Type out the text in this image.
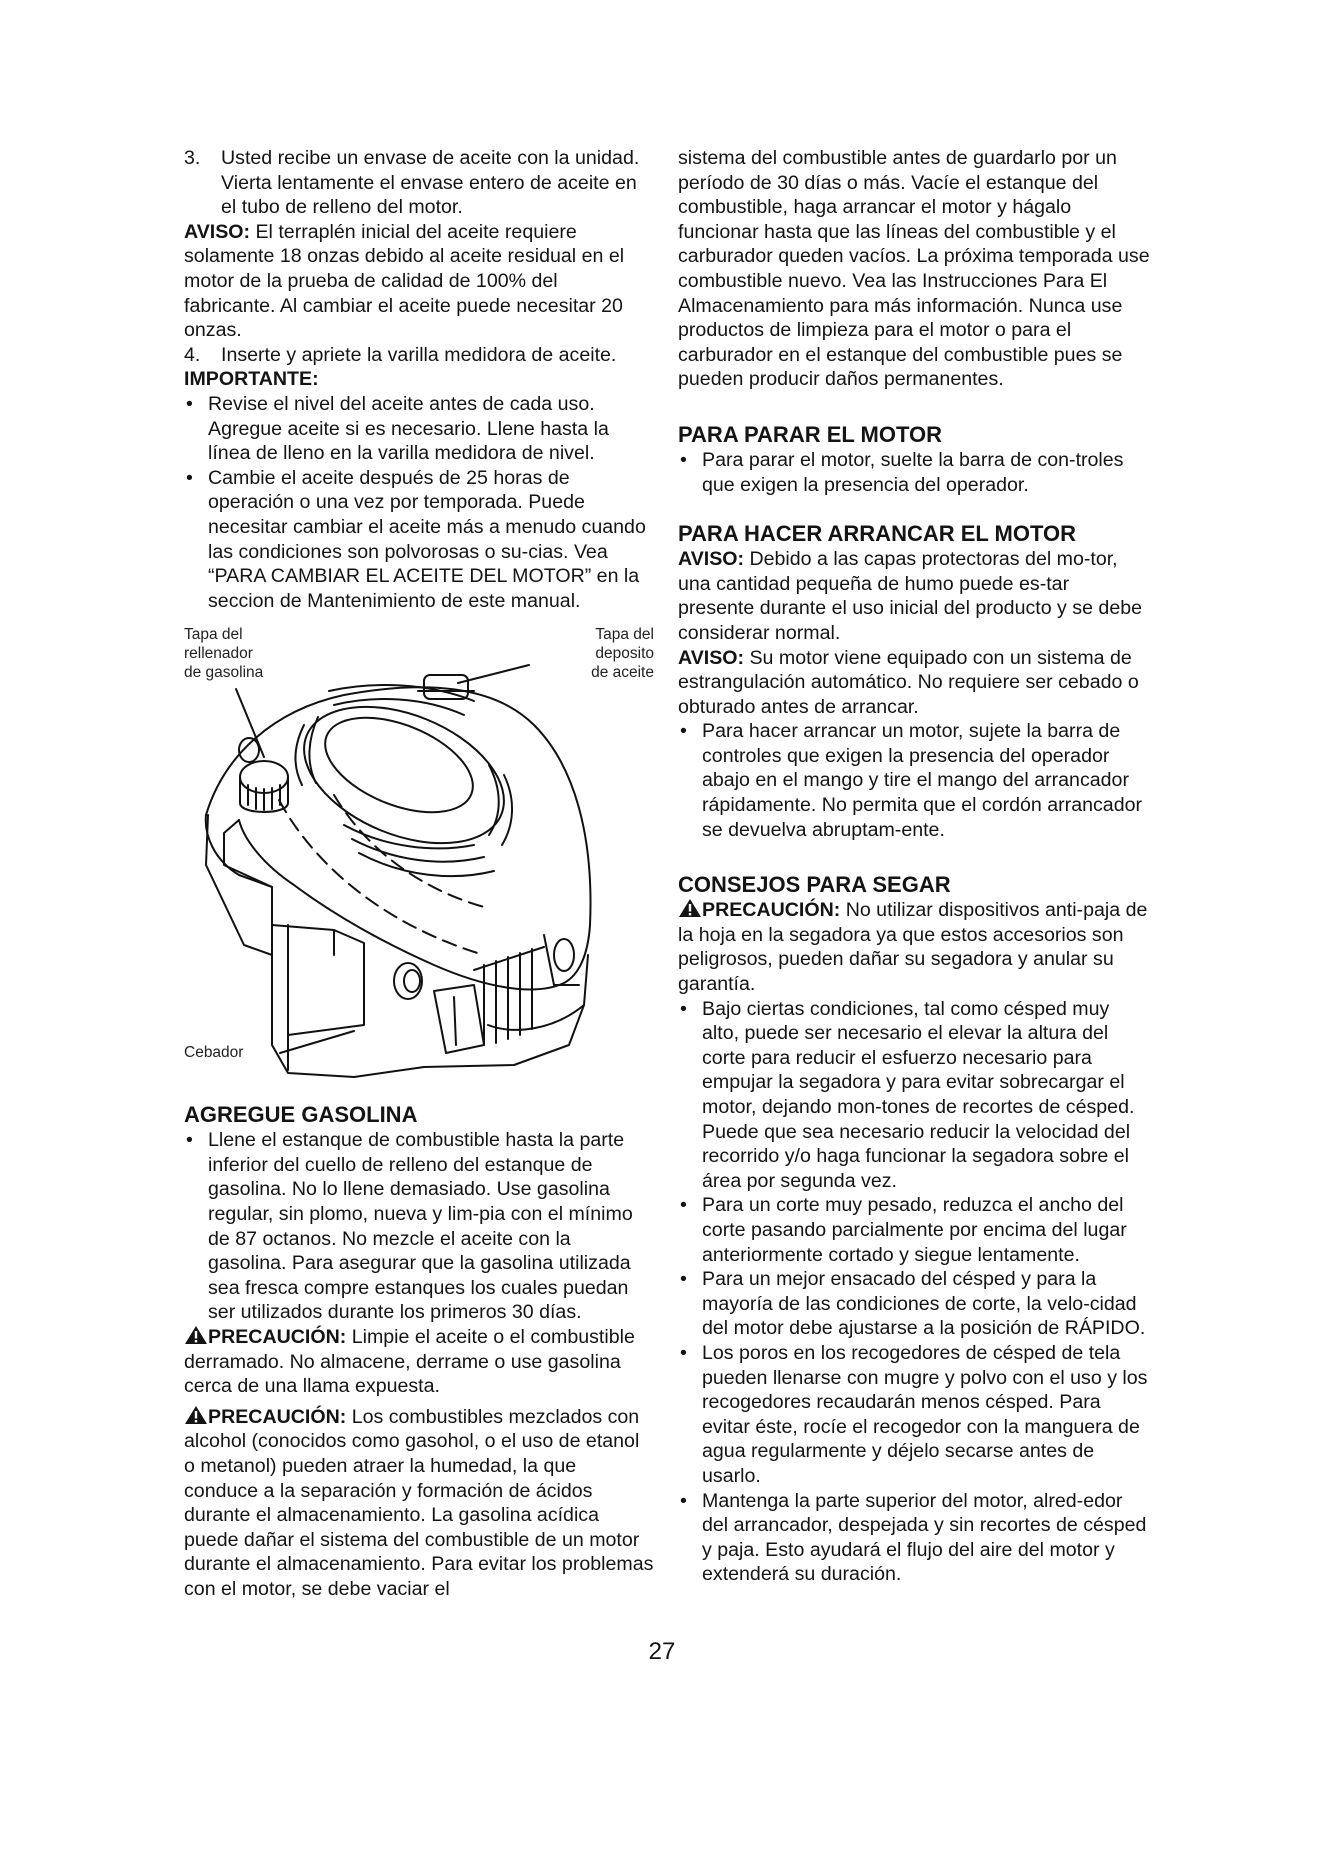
3.	Usted recibe un envase de aceite con la unidad. Vierta lentamente el envase entero de aceite en el tubo de relleno del motor.

AVISO: El terraplén inicial del aceite requiere solamente 18 onzas debido al aceite residual en el motor de la prueba de calidad de 100% del fabricante. Al cambiar el aceite puede necesitar 20 onzas.

4.	Inserte y apriete la varilla medidora de aceite.

IMPORTANTE:

• Revise el nivel del aceite antes de cada uso. Agregue aceite si es necesario. Llene hasta la línea de lleno en la varilla medidora de nivel.
• Cambie el aceite después de 25 horas de operación o una vez por temporada. Puede necesitar cambiar el aceite más a menudo cuando las condiciones son polvorosas o su-cias. Vea “PARA CAMBIAR EL ACEITE DEL MOTOR” en la seccion de Mantenimiento de este manual.
Tapa del
rellenador
de gasolina
Tapa del
deposito
de aceite
Cebador
AGREGUE GASOLINA
• Llene el estanque de combustible hasta la parte inferior del cuello de relleno del estanque de gasolina. No lo llene demasiado. Use gasolina regular, sin plomo, nueva y lim-pia con el mínimo de 87 octanos. No mezcle el aceite con la gasolina. Para asegurar que la gasolina utilizada sea fresca compre estanques los cuales puedan ser utilizados durante los primeros 30 días.

PRECAUCIÓN: Limpie el aceite o el combustible derramado. No almacene, derrame o use gasolina cerca de una llama expuesta.

PRECAUCIÓN: Los combustibles mezclados con alcohol (conocidos como gasohol, o el uso de etanol o metanol) pueden atraer la humedad, la que conduce a la separación y formación de ácidos durante el almacenamiento. La gasolina acídica puede dañar el sistema del combustible de un motor durante el almacenamiento. Para evitar los problemas con el motor, se debe vaciar el

sistema del combustible antes de guardarlo por un período de 30 días o más. Vacíe el estanque del combustible, haga arrancar el motor y hágalo funcionar hasta que las líneas del combustible y el carburador queden vacíos. La próxima temporada use combustible nuevo. Vea las Instrucciones Para El Almacenamiento para más información. Nunca use productos de limpieza para el motor o para el carburador en el estanque del combustible pues se pueden producir daños permanentes.

PARA PARAR EL MOTOR
• Para parar el motor, suelte la barra de con-troles que exigen la presencia del operador.
PARA HACER ARRANCAR EL MOTOR

AVISO: Debido a las capas protectoras del mo-tor, una cantidad pequeña de humo puede es-tar presente durante el uso inicial del producto y se debe considerar normal.

AVISO: Su motor viene equipado con un sistema de estrangulación automático. No requiere ser cebado o obturado antes de arrancar.

• Para hacer arrancar un motor, sujete la barra de controles que exigen la presencia del operador abajo en el mango y tire el mango del arrancador rápidamente. No permita que el cordón arrancador se devuelva abruptam-ente.
CONSEJOS PARA SEGAR

PRECAUCIÓN: No utilizar dispositivos anti-paja de la hoja en la segadora ya que estos accesorios son peligrosos, pueden dañar su segadora y anular su garantía.

• Bajo ciertas condiciones, tal como césped muy alto, puede ser necesario el elevar la altura del corte para reducir el esfuerzo necesario para empujar la segadora y para evitar sobrecargar el motor, dejando mon-tones de recortes de césped. Puede que sea necesario reducir la velocidad del recorrido y/o haga funcionar la segadora sobre el área por segunda vez.
• Para un corte muy pesado, reduzca el ancho del corte pasando parcialmente por encima del lugar anteriormente cortado y siegue lentamente.
• Para un mejor ensacado del césped y para la mayoría de las condiciones de corte, la velo-cidad del motor debe ajustarse a la posición de RÁPIDO.
• Los poros en los recogedores de césped de tela pueden llenarse con mugre y polvo con el uso y los recogedores recaudarán menos césped. Para evitar éste, rocíe el recogedor con la manguera de agua regularmente y déjelo secarse antes de usarlo.
• Mantenga la parte superior del motor, alred-edor del arrancador, despejada y sin recortes de césped y paja. Esto ayudará el flujo del aire del motor y extenderá su duración.
27
